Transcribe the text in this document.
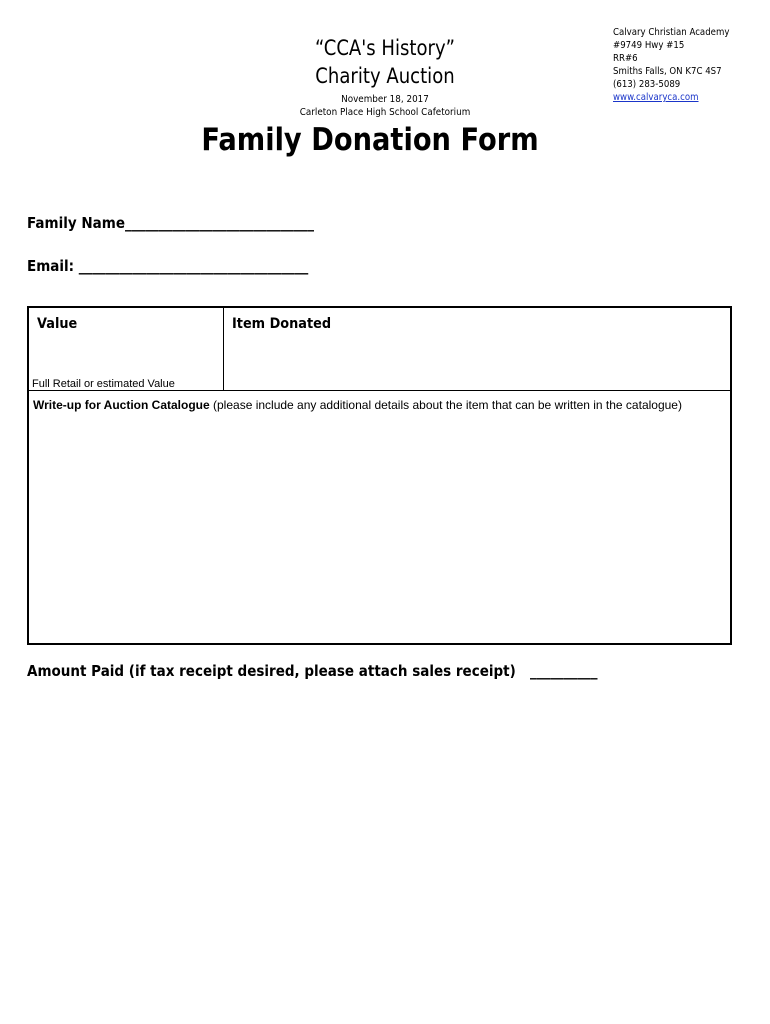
“CCA's History”
Charity Auction
November 18, 2017
Carleton Place High School Cafetorium
Calvary Christian Academy
#9749 Hwy #15
RR#6
Smiths Falls, ON K7C 4S7
(613) 283-5089
www.calvaryca.com
Family Donation Form
Family Name____________________________
Email: __________________________________
Value
Full Retail or estimated Value
Item Donated
Write-up for Auction Catalogue (please include any additional details about the item that can be written in the catalogue)
Amount Paid (if tax receipt desired, please attach sales receipt) __________
